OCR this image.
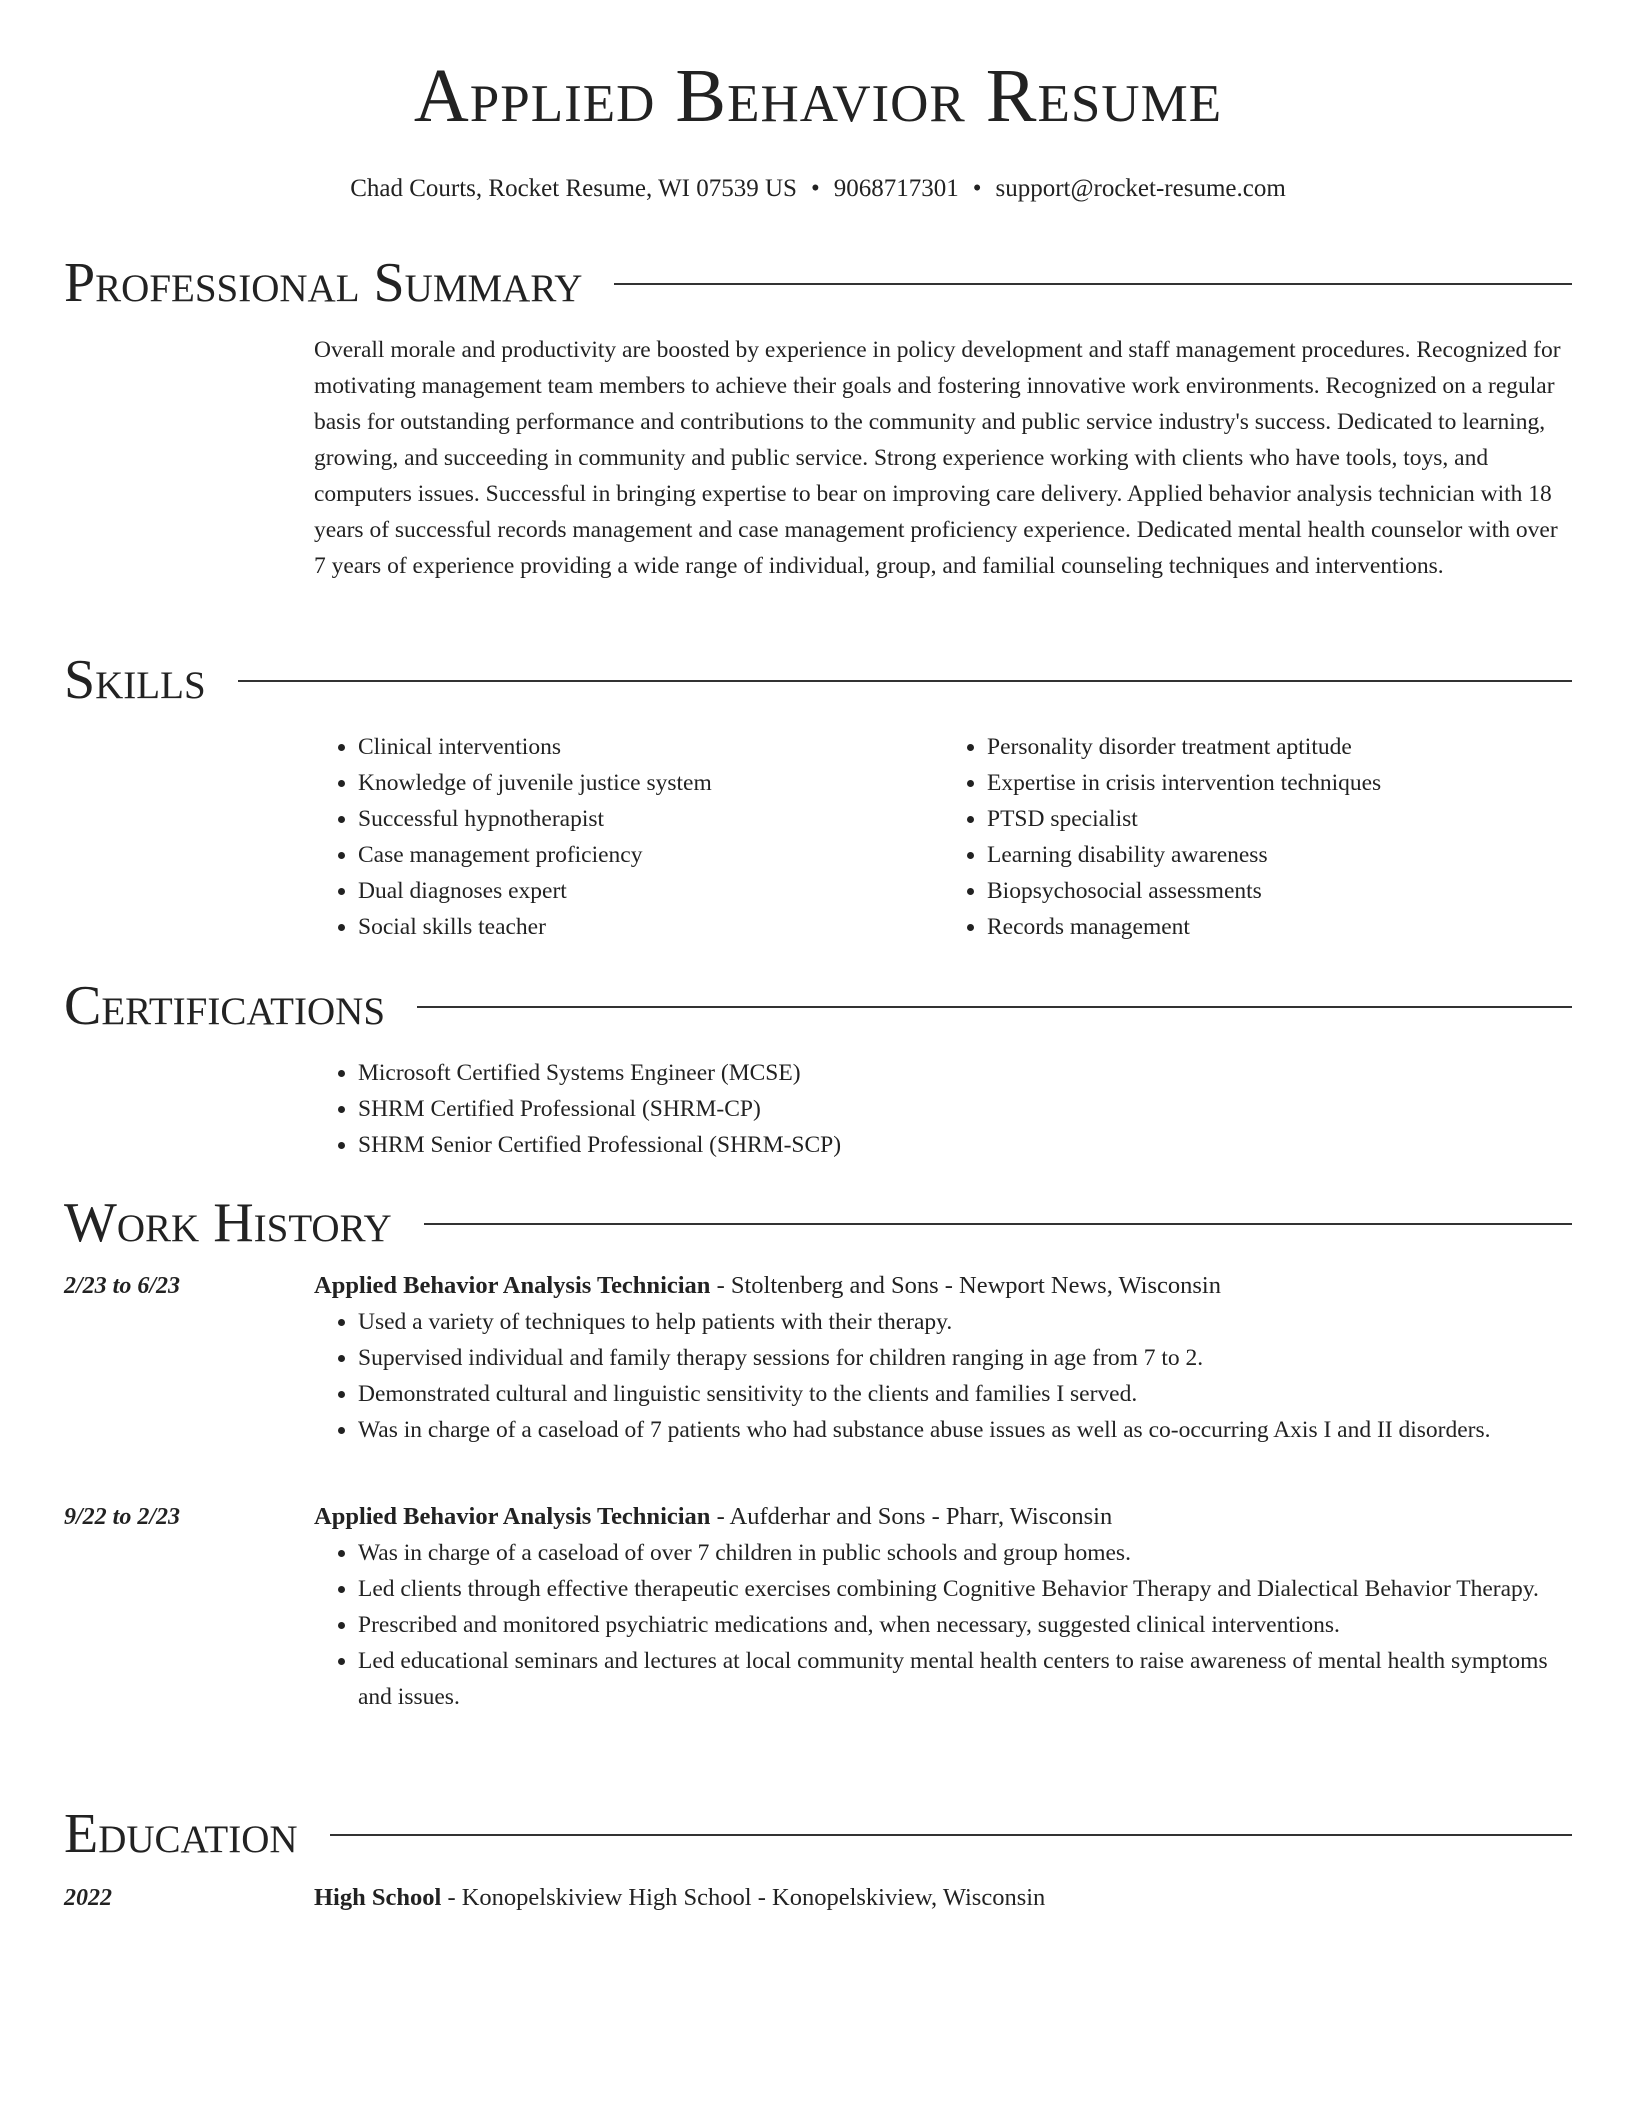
Applied Behavior Resume
Chad Courts, Rocket Resume, WI 07539 US • 9068717301 • support@rocket-resume.com
Professional Summary

Overall morale and productivity are boosted by experience in policy development and staff management procedures. Recognized for motivating management team members to achieve their goals and fostering innovative work environments. Recognized on a regular basis for outstanding performance and contributions to the community and public service industry's success. Dedicated to learning, growing, and succeeding in community and public service. Strong experience working with clients who have tools, toys, and computers issues. Successful in bringing expertise to bear on improving care delivery. Applied behavior analysis technician with 18 years of successful records management and case management proficiency experience. Dedicated mental health counselor with over 7 years of experience providing a wide range of individual, group, and familial counseling techniques and interventions.

Skills
• Clinical interventions
• Knowledge of juvenile justice system
• Successful hypnotherapist
• Case management proficiency
• Dual diagnoses expert
• Social skills teacher
• Personality disorder treatment aptitude
• Expertise in crisis intervention techniques
• PTSD specialist
• Learning disability awareness
• Biopsychosocial assessments
• Records management
Certifications
• Microsoft Certified Systems Engineer (MCSE)
• SHRM Certified Professional (SHRM-CP)
• SHRM Senior Certified Professional (SHRM-SCP)
Work History
2/23 to 6/23	Applied Behavior Analysis Technician - Stoltenberg and Sons - Newport News, Wisconsin
• Used a variety of techniques to help patients with their therapy.
• Supervised individual and family therapy sessions for children ranging in age from 7 to 2.
• Demonstrated cultural and linguistic sensitivity to the clients and families I served.
• Was in charge of a caseload of 7 patients who had substance abuse issues as well as co-occurring Axis I and II disorders.
9/22 to 2/23	Applied Behavior Analysis Technician - Aufderhar and Sons - Pharr, Wisconsin
• Was in charge of a caseload of over 7 children in public schools and group homes.
• Led clients through effective therapeutic exercises combining Cognitive Behavior Therapy and Dialectical Behavior Therapy.
• Prescribed and monitored psychiatric medications and, when necessary, suggested clinical interventions.
• Led educational seminars and lectures at local community mental health centers to raise awareness of mental health symptoms and issues.
Education
2022	High School - Konopelskiview High School - Konopelskiview, Wisconsin
